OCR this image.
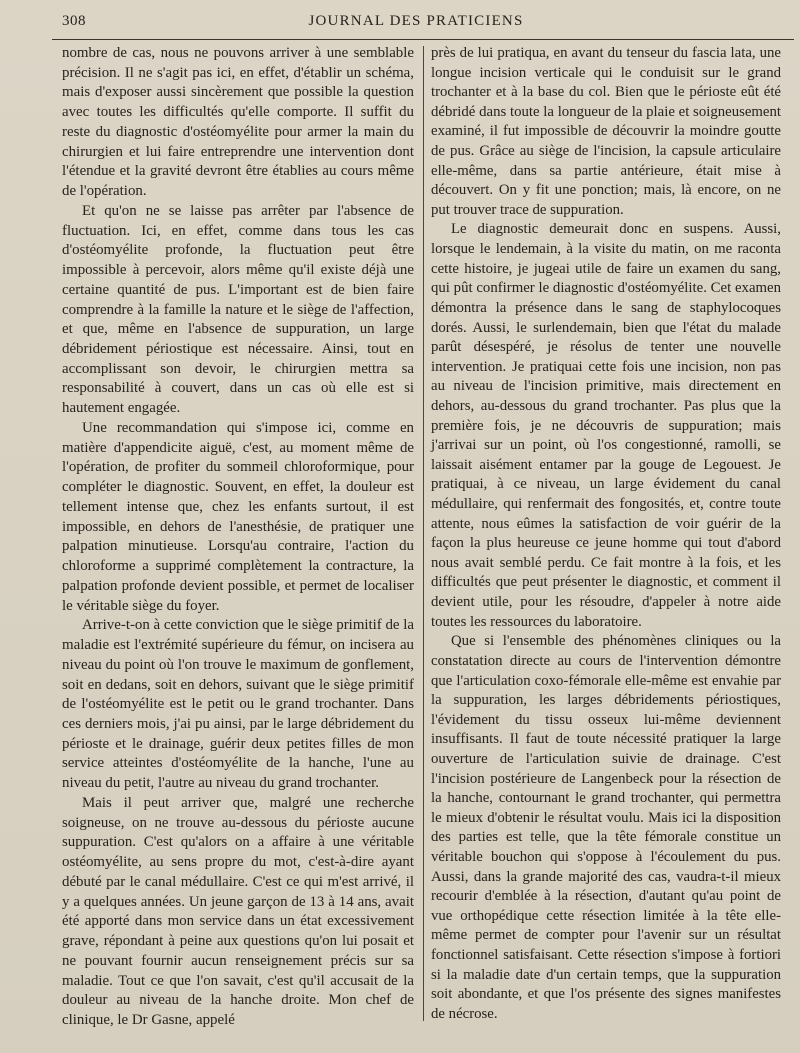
308	JOURNAL DES PRATICIENS

nombre de cas, nous ne pouvons arriver à une semblable précision. Il ne s'agit pas ici, en effet, d'établir un schéma, mais d'exposer aussi sincèrement que possible la question avec toutes les difficultés qu'elle comporte. Il suffit du reste du diagnostic d'ostéomyélite pour armer la main du chirurgien et lui faire entreprendre une intervention dont l'étendue et la gravité devront être établies au cours même de l'opération.

Et qu'on ne se laisse pas arrêter par l'absence de fluctuation. Ici, en effet, comme dans tous les cas d'ostéomyélite profonde, la fluctuation peut être impossible à percevoir, alors même qu'il existe déjà une certaine quantité de pus. L'important est de bien faire comprendre à la famille la nature et le siège de l'affection, et que, même en l'absence de suppuration, un large débridement périostique est nécessaire. Ainsi, tout en accomplissant son devoir, le chirurgien mettra sa responsabilité à couvert, dans un cas où elle est si hautement engagée.

Une recommandation qui s'impose ici, comme en matière d'appendicite aiguë, c'est, au moment même de l'opération, de profiter du sommeil chloroformique, pour compléter le diagnostic. Souvent, en effet, la douleur est tellement intense que, chez les enfants surtout, il est impossible, en dehors de l'anesthésie, de pratiquer une palpation minutieuse. Lorsqu'au contraire, l'action du chloroforme a supprimé complètement la contracture, la palpation profonde devient possible, et permet de localiser le véritable siège du foyer.

Arrive-t-on à cette conviction que le siège primitif de la maladie est l'extrémité supérieure du fémur, on incisera au niveau du point où l'on trouve le maximum de gonflement, soit en dedans, soit en dehors, suivant que le siège primitif de l'ostéomyélite est le petit ou le grand trochanter. Dans ces derniers mois, j'ai pu ainsi, par le large débridement du périoste et le drainage, guérir deux petites filles de mon service atteintes d'ostéomyélite de la hanche, l'une au niveau du petit, l'autre au niveau du grand trochanter.

Mais il peut arriver que, malgré une recherche soigneuse, on ne trouve au-dessous du périoste aucune suppuration. C'est qu'alors on a affaire à une véritable ostéomyélite, au sens propre du mot, c'est-à-dire ayant débuté par le canal médullaire. C'est ce qui m'est arrivé, il y a quelques années. Un jeune garçon de 13 à 14 ans, avait été apporté dans mon service dans un état excessivement grave, répondant à peine aux questions qu'on lui posait et ne pouvant fournir aucun renseignement précis sur sa maladie. Tout ce que l'on savait, c'est qu'il accusait de la douleur au niveau de la hanche droite. Mon chef de clinique, le Dr Gasne, appelé

près de lui pratiqua, en avant du tenseur du fascia lata, une longue incision verticale qui le conduisit sur le grand trochanter et à la base du col. Bien que le périoste eût été débridé dans toute la longueur de la plaie et soigneusement examiné, il fut impossible de découvrir la moindre goutte de pus. Grâce au siège de l'incision, la capsule articulaire elle-même, dans sa partie antérieure, était mise à découvert. On y fit une ponction; mais, là encore, on ne put trouver trace de suppuration.

Le diagnostic demeurait donc en suspens. Aussi, lorsque le lendemain, à la visite du matin, on me raconta cette histoire, je jugeai utile de faire un examen du sang, qui pût confirmer le diagnostic d'ostéomyélite. Cet examen démontra la présence dans le sang de staphylocoques dorés. Aussi, le surlendemain, bien que l'état du malade parût désespéré, je résolus de tenter une nouvelle intervention. Je pratiquai cette fois une incision, non pas au niveau de l'incision primitive, mais directement en dehors, au-dessous du grand trochanter. Pas plus que la première fois, je ne découvris de suppuration; mais j'arrivai sur un point, où l'os congestionné, ramolli, se laissait aisément entamer par la gouge de Legouest. Je pratiquai, à ce niveau, un large évidement du canal médullaire, qui renfermait des fongosités, et, contre toute attente, nous eûmes la satisfaction de voir guérir de la façon la plus heureuse ce jeune homme qui tout d'abord nous avait semblé perdu. Ce fait montre à la fois, et les difficultés que peut présenter le diagnostic, et comment il devient utile, pour les résoudre, d'appeler à notre aide toutes les ressources du laboratoire.

Que si l'ensemble des phénomènes cliniques ou la constatation directe au cours de l'intervention démontre que l'articulation coxo-fémorale elle-même est envahie par la suppuration, les larges débridements périostiques, l'évidement du tissu osseux lui-même deviennent insuffisants. Il faut de toute nécessité pratiquer la large ouverture de l'articulation suivie de drainage. C'est l'incision postérieure de Langenbeck pour la résection de la hanche, contournant le grand trochanter, qui permettra le mieux d'obtenir le résultat voulu. Mais ici la disposition des parties est telle, que la tête fémorale constitue un véritable bouchon qui s'oppose à l'écoulement du pus. Aussi, dans la grande majorité des cas, vaudra-t-il mieux recourir d'emblée à la résection, d'autant qu'au point de vue orthopédique cette résection limitée à la tête elle-même permet de compter pour l'avenir sur un résultat fonctionnel satisfaisant. Cette résection s'impose à fortiori si la maladie date d'un certain temps, que la suppuration soit abondante, et que l'os présente des signes manifestes de nécrose.
